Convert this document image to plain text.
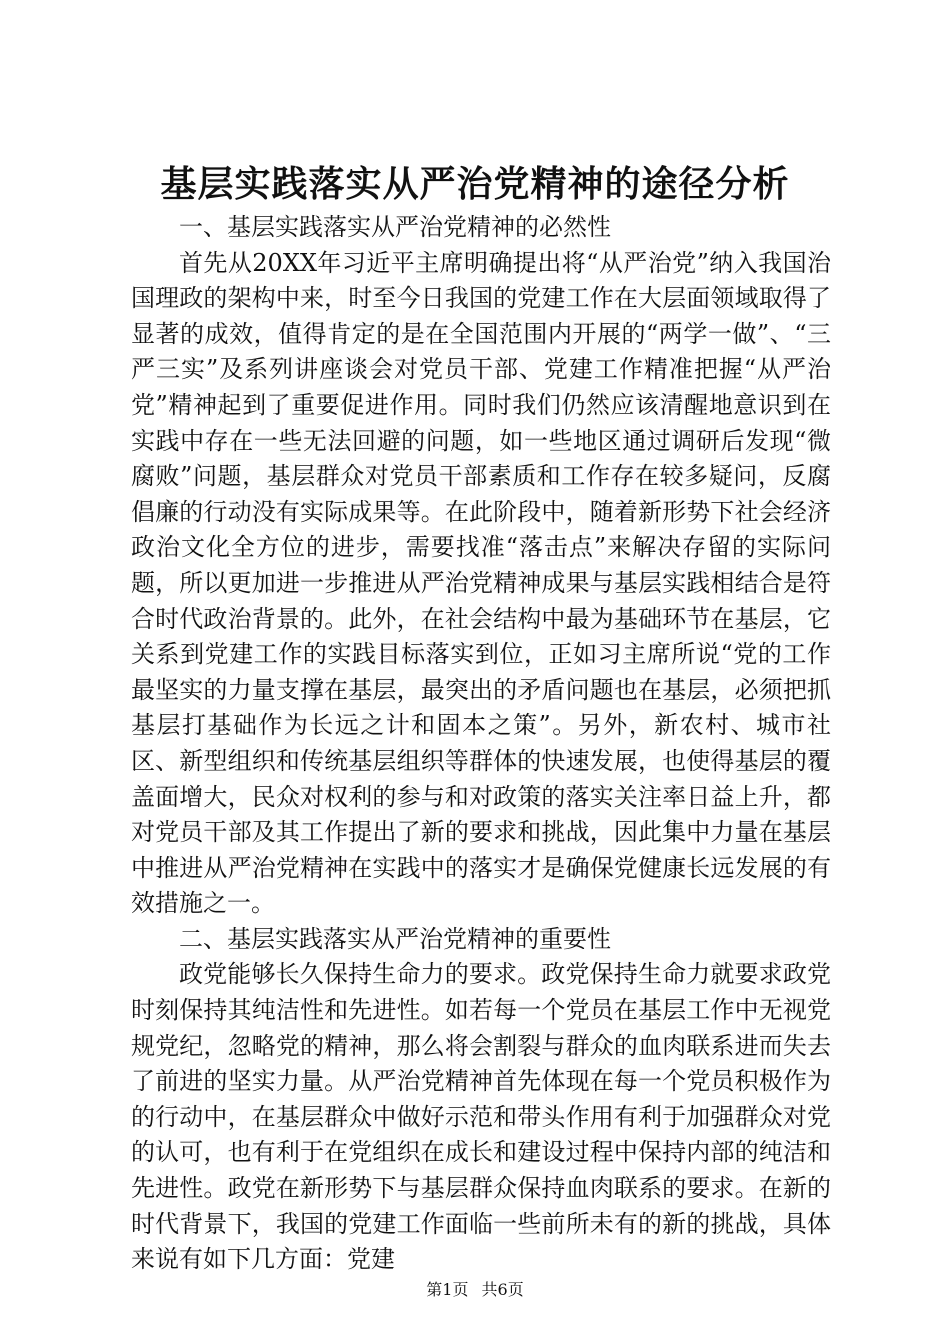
基层实践落实从严治党精神的途径分析

一、基层实践落实从严治党精神的必然性

首先从20XX年习近平主席明确提出将“从严治党”纳入我国治国理政的架构中来，时至今日我国的党建工作在大层面领域取得了显著的成效，值得肯定的是在全国范围内开展的“两学一做”、“三严三实”及系列讲座谈会对党员干部、党建工作精准把握“从严治党”精神起到了重要促进作用。同时我们仍然应该清醒地意识到在实践中存在一些无法回避的问题，如一些地区通过调研后发现“微腐败”问题，基层群众对党员干部素质和工作存在较多疑问，反腐倡廉的行动没有实际成果等。在此阶段中，随着新形势下社会经济政治文化全方位的进步，需要找准“落击点”来解决存留的实际问题，所以更加进一步推进从严治党精神成果与基层实践相结合是符合时代政治背景的。此外，在社会结构中最为基础环节在基层，它关系到党建工作的实践目标落实到位，正如习主席所说“党的工作最坚实的力量支撑在基层，最突出的矛盾问题也在基层，必须把抓基层打基础作为长远之计和固本之策”。另外，新农村、城市社区、新型组织和传统基层组织等群体的快速发展，也使得基层的覆盖面增大，民众对权利的参与和对政策的落实关注率日益上升，都对党员干部及其工作提出了新的要求和挑战，因此集中力量在基层中推进从严治党精神在实践中的落实才是确保党健康长远发展的有效措施之一。

二、基层实践落实从严治党精神的重要性

政党能够长久保持生命力的要求。政党保持生命力就要求政党时刻保持其纯洁性和先进性。如若每一个党员在基层工作中无视党规党纪，忽略党的精神，那么将会割裂与群众的血肉联系进而失去了前进的坚实力量。从严治党精神首先体现在每一个党员积极作为的行动中，在基层群众中做好示范和带头作用有利于加强群众对党的认可，也有利于在党组织在成长和建设过程中保持内部的纯洁和先进性。政党在新形势下与基层群众保持血肉联系的要求。在新的时代背景下，我国的党建工作面临一些前所未有的新的挑战，具体来说有如下几方面：党建

第1页 共6页
